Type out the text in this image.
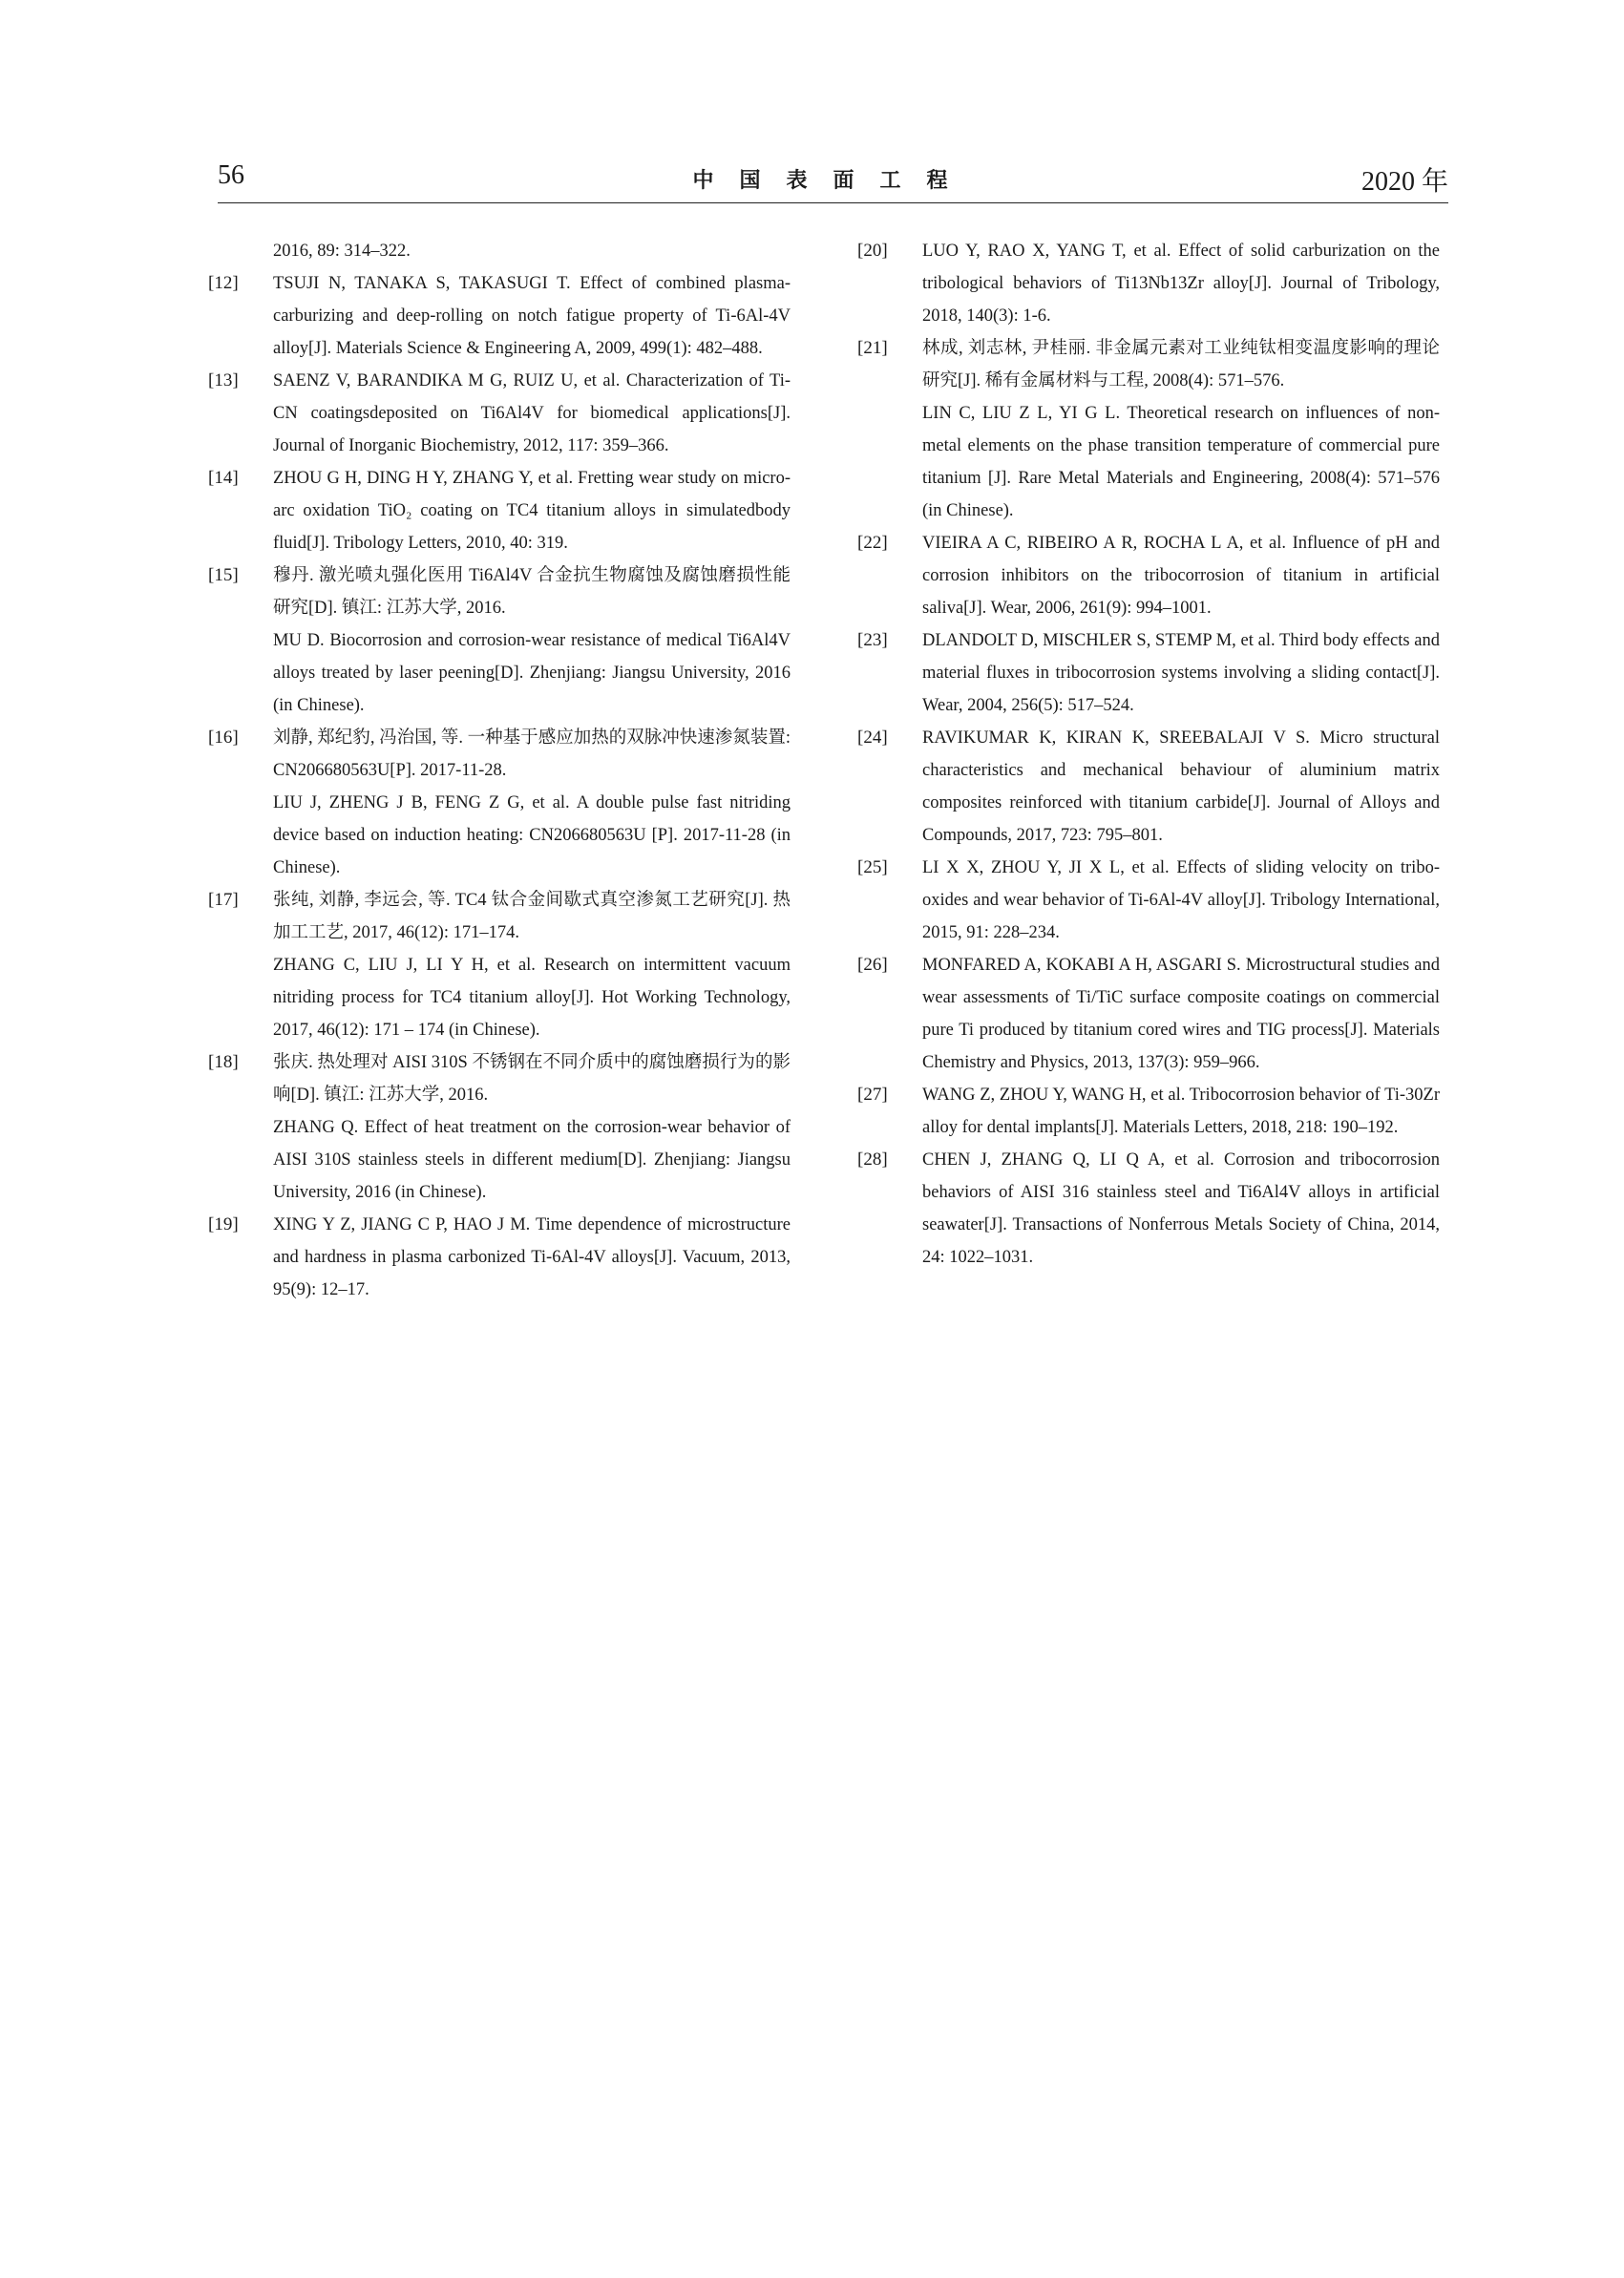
56	中国表面工程	2020 年

2016, 89: 314–322.

[12]	TSUJI N, TANAKA S, TAKASUGI T. Effect of combined plasma-carburizing and deep-rolling on notch fatigue property of Ti-6Al-4V alloy[J]. Materials Science & Engineering A, 2009, 499(1): 482–488.

[13]	SAENZ V, BARANDIKA M G, RUIZ U, et al. Characterization of Ti-CN coatingsdeposited on Ti6Al4V for biomedical applications[J]. Journal of Inorganic Biochemistry, 2012, 117: 359–366.

[14]	ZHOU G H, DING H Y, ZHANG Y, et al. Fretting wear study on micro-arc oxidation TiO₂ coating on TC4 titanium alloys in simulatedbody fluid[J]. Tribology Letters, 2010, 40: 319.

[15]	穆丹. 激光喷丸强化医用 Ti6Al4V 合金抗生物腐蚀及腐蚀磨损性能研究[D]. 镇江: 江苏大学, 2016.

MU D. Biocorrosion and corrosion-wear resistance of medical Ti6Al4V alloys treated by laser peening[D]. Zhenjiang: Jiangsu University, 2016 (in Chinese).

[16]	刘静, 郑纪豹, 冯治国, 等. 一种基于感应加热的双脉冲快速渗氮装置: CN206680563U[P]. 2017-11-28.

LIU J, ZHENG J B, FENG Z G, et al. A double pulse fast nitriding device based on induction heating: CN206680563U [P]. 2017-11-28 (in Chinese).

[17]	张纯, 刘静, 李远会, 等. TC4 钛合金间歇式真空渗氮工艺研究[J]. 热加工工艺, 2017, 46(12): 171–174.

ZHANG C, LIU J, LI Y H, et al. Research on intermittent vacuum nitriding process for TC4 titanium alloy[J]. Hot Working Technology, 2017, 46(12): 171 – 174 (in Chinese).

[18]	张庆. 热处理对 AISI 310S 不锈钢在不同介质中的腐蚀磨损行为的影响[D]. 镇江: 江苏大学, 2016.

ZHANG Q. Effect of heat treatment on the corrosion-wear behavior of AISI 310S stainless steels in different medium[D]. Zhenjiang: Jiangsu University, 2016 (in Chinese).

[19]	XING Y Z, JIANG C P, HAO J M. Time dependence of microstructure and hardness in plasma carbonized Ti-6Al-4V alloys[J]. Vacuum, 2013, 95(9): 12–17.

[20]	LUO Y, RAO X, YANG T, et al. Effect of solid carburization on the tribological behaviors of Ti13Nb13Zr alloy[J]. Journal of Tribology, 2018, 140(3): 1-6.

[21]	林成, 刘志林, 尹桂丽. 非金属元素对工业纯钛相变温度影响的理论研究[J]. 稀有金属材料与工程, 2008(4): 571–576.

LIN C, LIU Z L, YI G L. Theoretical research on influences of non-metal elements on the phase transition temperature of commercial pure titanium [J]. Rare Metal Materials and Engineering, 2008(4): 571–576 (in Chinese).

[22]	VIEIRA A C, RIBEIRO A R, ROCHA L A, et al. Influence of pH and corrosion inhibitors on the tribocorrosion of titanium in artificial saliva[J]. Wear, 2006, 261(9): 994–1001.

[23]	DLANDOLT D, MISCHLER S, STEMP M, et al. Third body effects and material fluxes in tribocorrosion systems involving a sliding contact[J]. Wear, 2004, 256(5): 517–524.

[24]	RAVIKUMAR K, KIRAN K, SREEBALAJI V S. Micro structural characteristics and mechanical behaviour of aluminium matrix composites reinforced with titanium carbide[J]. Journal of Alloys and Compounds, 2017, 723: 795–801.

[25]	LI X X, ZHOU Y, JI X L, et al. Effects of sliding velocity on tribo-oxides and wear behavior of Ti-6Al-4V alloy[J]. Tribology International, 2015, 91: 228–234.

[26]	MONFARED A, KOKABI A H, ASGARI S. Microstructural studies and wear assessments of Ti/TiC surface composite coatings on commercial pure Ti produced by titanium cored wires and TIG process[J]. Materials Chemistry and Physics, 2013, 137(3): 959–966.

[27]	WANG Z, ZHOU Y, WANG H, et al. Tribocorrosion behavior of Ti-30Zr alloy for dental implants[J]. Materials Letters, 2018, 218: 190–192.

[28]	CHEN J, ZHANG Q, LI Q A, et al. Corrosion and tribocorrosion behaviors of AISI 316 stainless steel and Ti6Al4V alloys in artificial seawater[J]. Transactions of Nonferrous Metals Society of China, 2014, 24: 1022–1031.
